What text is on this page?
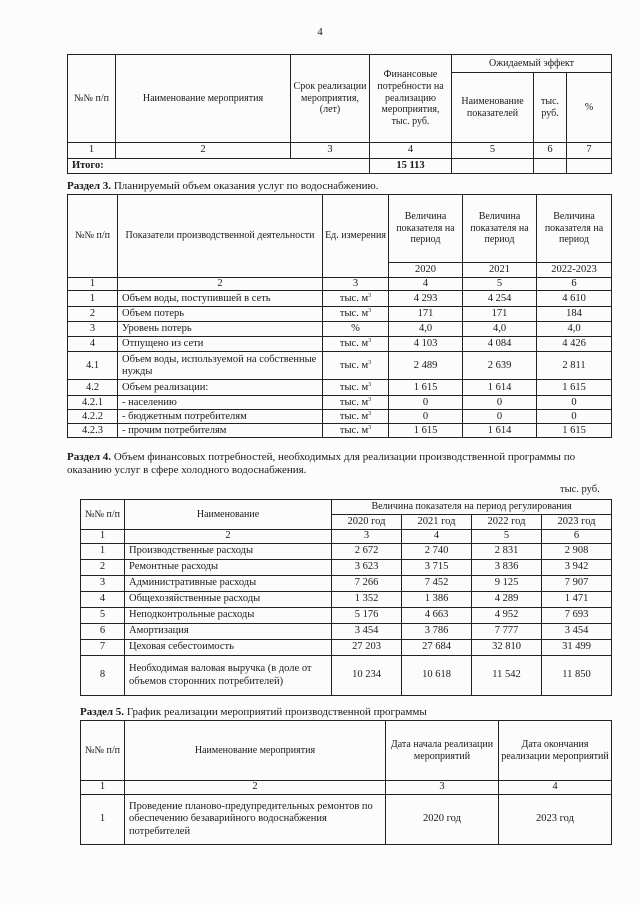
4
№№ п/п	Наименование мероприятия	Срок реализации мероприятия, (лет)	Финансовые потребности на реализацию мероприятия, тыс. руб.	Ожидаемый эффект		
				Наименование показателей	тыс. руб.	%
1	2	3	4	5	6	7
Итого:			15 113			
Раздел 3. Планируемый объем оказания услуг по водоснабжению.
№№ п/п	Показатели производственной деятельности	Ед. измерения	Величина показателя на период	Величина показателя на период	Величина показателя на период
			2020	2021	2022-2023
1	2	3	4	5	6
1	Объем воды, поступившей в сеть	тыс. $м^3$	4 293	4 254	4 610
2	Объем потерь	тыс. $м^3$	171	171	184
3	Уровень потерь	%	4,0	4,0	4,0
4	Отпущено из сети	тыс. $м^3$	4 103	4 084	4 426
4.1	Объем воды, используемой на собственные нужды	тыс. $м^3$	2 489	2 639	2 811
4.2	Объем реализации:	тыс. $м^3$	1 615	1 614	1 615
4.2.1	- населению	тыс. $м^3$	0	0	0
4.2.2	- бюджетным потребителям	тыс. $м^3$	0	0	0
4.2.3	- прочим потребителям	тыс. $м^3$	1 615	1 614	1 615
Раздел 4. Объем финансовых потребностей, необходимых для реализации производственной программы по оказанию услуг в сфере холодного водоснабжения.
тыс. руб.
№№ п/п	Наименование	Величина показателя на период регулирования			
		2020 год	2021 год	2022 год	2023 год
1	2	3	4	5	6
1	Производственные расходы	2 672	2 740	2 831	2 908
2	Ремонтные расходы	3 623	3 715	3 836	3 942
3	Административные расходы	7 266	7 452	9 125	7 907
4	Общехозяйственные расходы	1 352	1 386	4 289	1 471
5	Неподконтрольные расходы	5 176	4 663	4 952	7 693
6	Амортизация	3 454	3 786	7 777	3 454
7	Цеховая себестоимость	27 203	27 684	32 810	31 499
8	Необходимая валовая выручка (в доле от объемов сторонних потребителей)	10 234	10 618	11 542	11 850
Раздел 5. График реализации мероприятий производственной программы
№№ п/п	Наименование мероприятия	Дата начала реализации мероприятий	Дата окончания реализации мероприятий
1	2	3	4
1	Проведение планово-предупредительных ремонтов по обеспечению безаварийного водоснабжения потребителей	2020 год	2023 год
